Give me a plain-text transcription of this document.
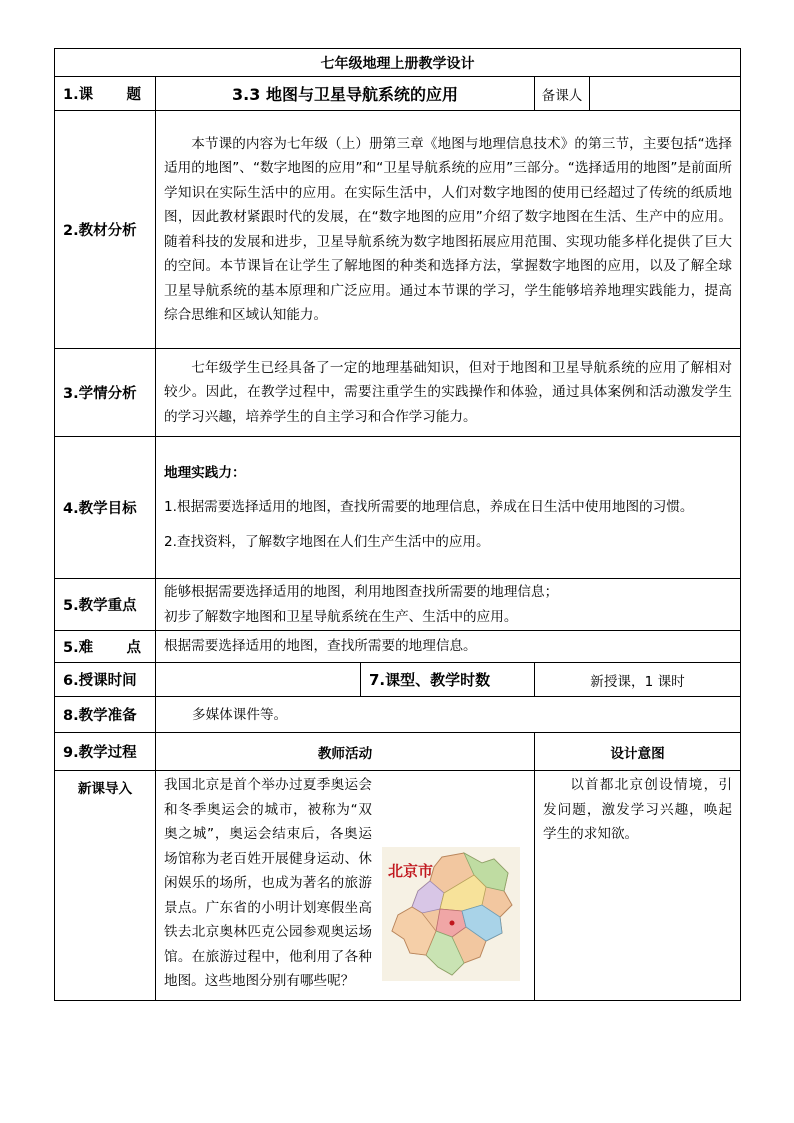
七年级地理上册教学设计				

1.课 题	3.3 地图与卫星导航系统的应用		备课人	
2.教材分析	本节课的内容为七年级（上）册第三章《地图与地理信息技术》的第三节，主要包括“选择适用的地图”、“数字地图的应用”和“卫星导航系统的应用”三部分。“选择适用的地图”是前面所学知识在实际生活中的应用。在实际生活中，人们对数字地图的使用已经超过了传统的纸质地图，因此教材紧跟时代的发展，在“数字地图的应用”介绍了数字地图在生活、生产中的应用。随着科技的发展和进步，卫星导航系统为数字地图拓展应用范围、实现功能多样化提供了巨大的空间。本节课旨在让学生了解地图的种类和选择方法，掌握数字地图的应用，以及了解全球卫星导航系统的基本原理和广泛应用。通过本节课的学习，学生能够培养地理实践能力，提高综合思维和区域认知能力。			

3.学情分析	七年级学生已经具备了一定的地理基础知识，但对于地图和卫星导航系统的应用了解相对较少。因此，在教学过程中，需要注重学生的实践操作和体验，通过具体案例和活动激发学生的学习兴趣，培养学生的自主学习和合作学习能力。			

4.教学目标	地理实践力：

1.根据需要选择适用的地图，查找所需要的地理信息，养成在日生活中使用地图的习惯。

2.查找资料，了解数字地图在人们生产生活中的应用。			

5.教学重点	能够根据需要选择适用的地图，利用地图查找所需要的地理信息；

初步了解数字地图和卫星导航系统在生产、生活中的应用。			

5.难 点	根据需要选择适用的地图，查找所需要的地理信息。			
6.授课时间		7.课型、教学时数	新授课，1 课时	
8.教学准备	多媒体课件等。			
9.教学过程	教师活动		设计意图	
新课导入	北京市

我国北京是首个举办过夏季奥运会和冬季奥运会的城市，被称为“双奥之城”，奥运会结束后，各奥运场馆称为老百姓开展健身运动、休闲娱乐的场所，也成为著名的旅游景点。广东省的小明计划寒假坐高铁去北京奥林匹克公园参观奥运场馆。在旅游过程中，他利用了各种地图。这些地图分别有哪些呢？		以首都北京创设情境，引发问题，激发学习兴趣，唤起学生的求知欲。	
